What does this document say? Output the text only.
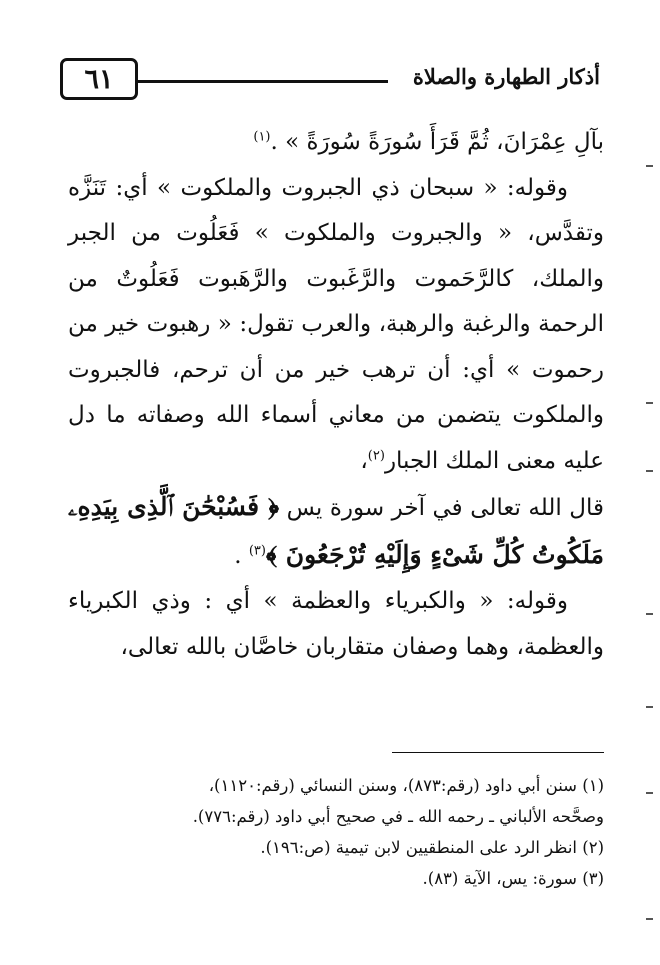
٦١	أذكار الطهارة والصلاة

بآلِ عِمْرَانَ، ثُمَّ قَرَأَ سُورَةً سُورَةً » .$^{(١)}$

وقوله: « سبحان ذي الجبروت والملكوت » أي: تَنَزَّه وتقدَّس، « والجبروت والملكوت » فَعَلُوت من الجبر والملك، كالرَّحَموت والرَّغَبوت والرَّهَبوت فَعَلُوتٌ من الرحمة والرغبة والرهبة، والعرب تقول: « رهبوت خير من رحموت » أي: أن ترهب خير من أن ترحم، فالجبروت والملكوت يتضمن من معاني أسماء الله وصفاته ما دل عليه معنى الملك الجبار$^{(٢)}$،

قال الله تعالى في آخر سورة يس ﴿ فَسُبْحَٰنَ ٱلَّذِى بِيَدِهِۦ مَلَكُوتُ كُلِّ شَىْءٍ وَإِلَيْهِ تُرْجَعُونَ ﴾$^{(٣)}$ .

وقوله: « والكبرياء والعظمة » أي : وذي الكبرياء والعظمة، وهما وصفان متقاربان خاصَّان بالله تعالى،

(١) سنن أبي داود (رقم:٨٧٣)، وسنن النسائي (رقم:١١٢٠)،

وصحَّحه الألباني ـ رحمه الله ـ في صحيح أبي داود (رقم:٧٧٦).

(٢) انظر الرد على المنطقيين لابن تيمية (ص:١٩٦).

(٣) سورة: يس، الآية (٨٣).
